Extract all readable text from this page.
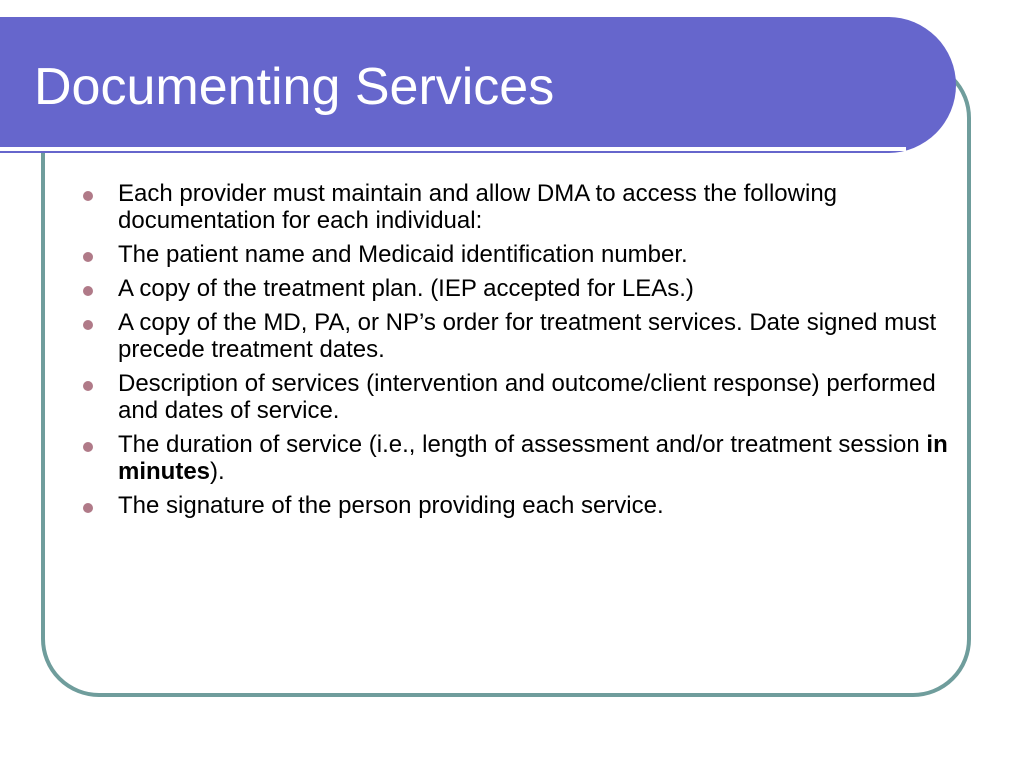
Documenting Services
Each provider must maintain and allow DMA to access the following documentation for each individual:
The patient name and Medicaid identification number.
A copy of the treatment plan. (IEP accepted for LEAs.)
A copy of the MD, PA, or NP’s order for treatment services. Date signed must precede treatment dates.
Description of services (intervention and outcome/client response) performed and dates of service.
The duration of service (i.e., length of assessment and/or treatment session in minutes).
The signature of the person providing each service.
